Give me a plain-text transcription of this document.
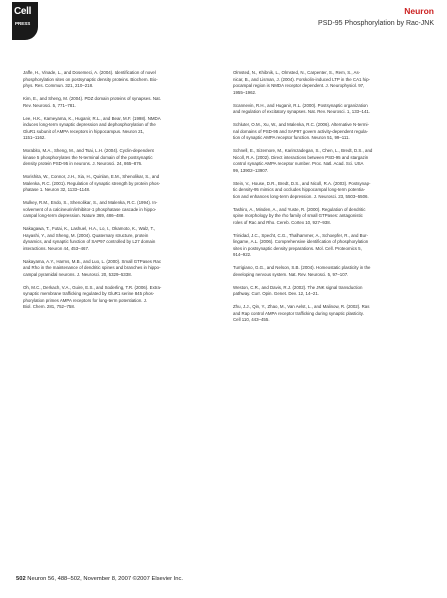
Cell
PRESS
Neuron
PSD-95 Phosphorylation by Rac-JNK
Jaffe, H., Vinade, L., and Dosemeci, A. (2004). Identification of novel
phosphorylation sites on postsynaptic density proteins. Biochem. Bio-
phys. Res. Commun. 321, 210–218.
Kim, E., and Sheng, M. (2004). PDZ domain proteins of synapses. Nat.
Rev. Neurosci. 5, 771–781.
Lee, H.K., Kameyama, K., Huganir, R.L., and Bear, M.F. (1998). NMDA
induces long-term synaptic depression and dephosphorylation of the
GluR1 subunit of AMPA receptors in hippocampus. Neuron 21,
1151–1162.
Morabito, M.A., Sheng, M., and Tsai, L.H. (2004). Cyclin-dependent
kinase 5 phosphorylates the N-terminal domain of the postsynaptic
density protein PSD-95 in neurons. J. Neurosci. 24, 865–876.
Morishita, W., Connor, J.H., Xia, H., Quinlan, E.M., Shenolikar, S., and
Malenka, R.C. (2001). Regulation of synaptic strength by protein phos-
phatase 1. Neuron 32, 1133–1148.
Mulkey, R.M., Endo, S., Shenolikar, S., and Malenka, R.C. (1994). In-
volvement of a calcineurin/inhibitor-1 phosphatase cascade in hippo-
campal long-term depression. Nature 369, 486–488.
Nakagawa, T., Futai, K., Lashuel, H.A., Lo, I., Okamoto, K., Walz, T.,
Hayashi, Y., and Sheng, M. (2004). Quaternary structure, protein
dynamics, and synaptic function of SAP97 controlled by L27 domain
interactions. Neuron 44, 453–467.
Nakayama, A.Y., Harms, M.B., and Luo, L. (2000). Small GTPases Rac
and Rho in the maintenance of dendritic spines and branches in hippo-
campal pyramidal neurons. J. Neurosci. 20, 5329–5338.
Oh, M.C., Derkach, V.A., Guire, E.S., and Soderling, T.R. (2006). Extra-
synaptic membrane trafficking regulated by GluR1 serine 845 phos-
phorylation primes AMPA receptors for long-term potentiation. J.
Biol. Chem. 281, 752–758.
Olmsted, N., Khibnik, L., Olmsted, N., Carpenter, S., Rem, S., As-
nicar, B., and Lisman, J. (2004). Forskolin-induced LTP in the CA1 hip-
pocampal region is NMDA receptor dependent. J. Neurophysiol. 97,
1955–1962.
Scannevin, R.H., and Huganir, R.L. (2000). Postsynaptic organization
and regulation of excitatory synapses. Nat. Rev. Neurosci. 1, 133–141.
Schluter, O.M., Xu, W., and Malenka, R.C. (2006). Alternative N-termi-
nal domains of PSD-95 and SAP97 govern activity-dependent regula-
tion of synaptic AMPA receptor function. Neuron 51, 99–111.
Schnell, E., Sizemore, M., Karimzadegan, S., Chen, L., Bredt, D.S., and
Nicoll, R.A. (2002). Direct interactions between PSD-95 and stargazin
control synaptic AMPA receptor number. Proc. Natl. Acad. Sci. USA
99, 13902–13907.
Stein, V., House, D.R., Bredt, D.S., and Nicoll, R.A. (2003). Postsynap-
tic density-95 mimics and occludes hippocampal long-term potentia-
tion and enhances long-term depression. J. Neurosci. 23, 5503–5506.
Tashiro, A., Minden, A., and Yuste, R. (2000). Regulation of dendritic
spine morphology by the rho family of small GTPases: antagonistic
roles of Rac and Rho. Cereb. Cortex 10, 927–938.
Trinidad, J.C., Specht, C.G., Thalhammer, A., Schoepfer, R., and Bur-
lingame, A.L. (2006). Comprehensive identification of phosphorylation
sites in postsynaptic density preparations. Mol. Cell. Proteomics 5,
914–922.
Turrigiano, G.G., and Nelson, S.B. (2004). Homeostatic plasticity in the
developing nervous system. Nat. Rev. Neurosci. 5, 97–107.
Weston, C.R., and Davis, R.J. (2002). The JNK signal transduction
pathway. Curr. Opin. Genet. Dev. 12, 14–21.
Zhu, J.J., Qin, Y., Zhao, M., Van Aelst, L., and Malinow, R. (2002). Ras
and Rap control AMPA receptor trafficking during synaptic plasticity.
Cell 110, 443–455.
502 Neuron 56, 488–502, November 8, 2007 ©2007 Elsevier Inc.
